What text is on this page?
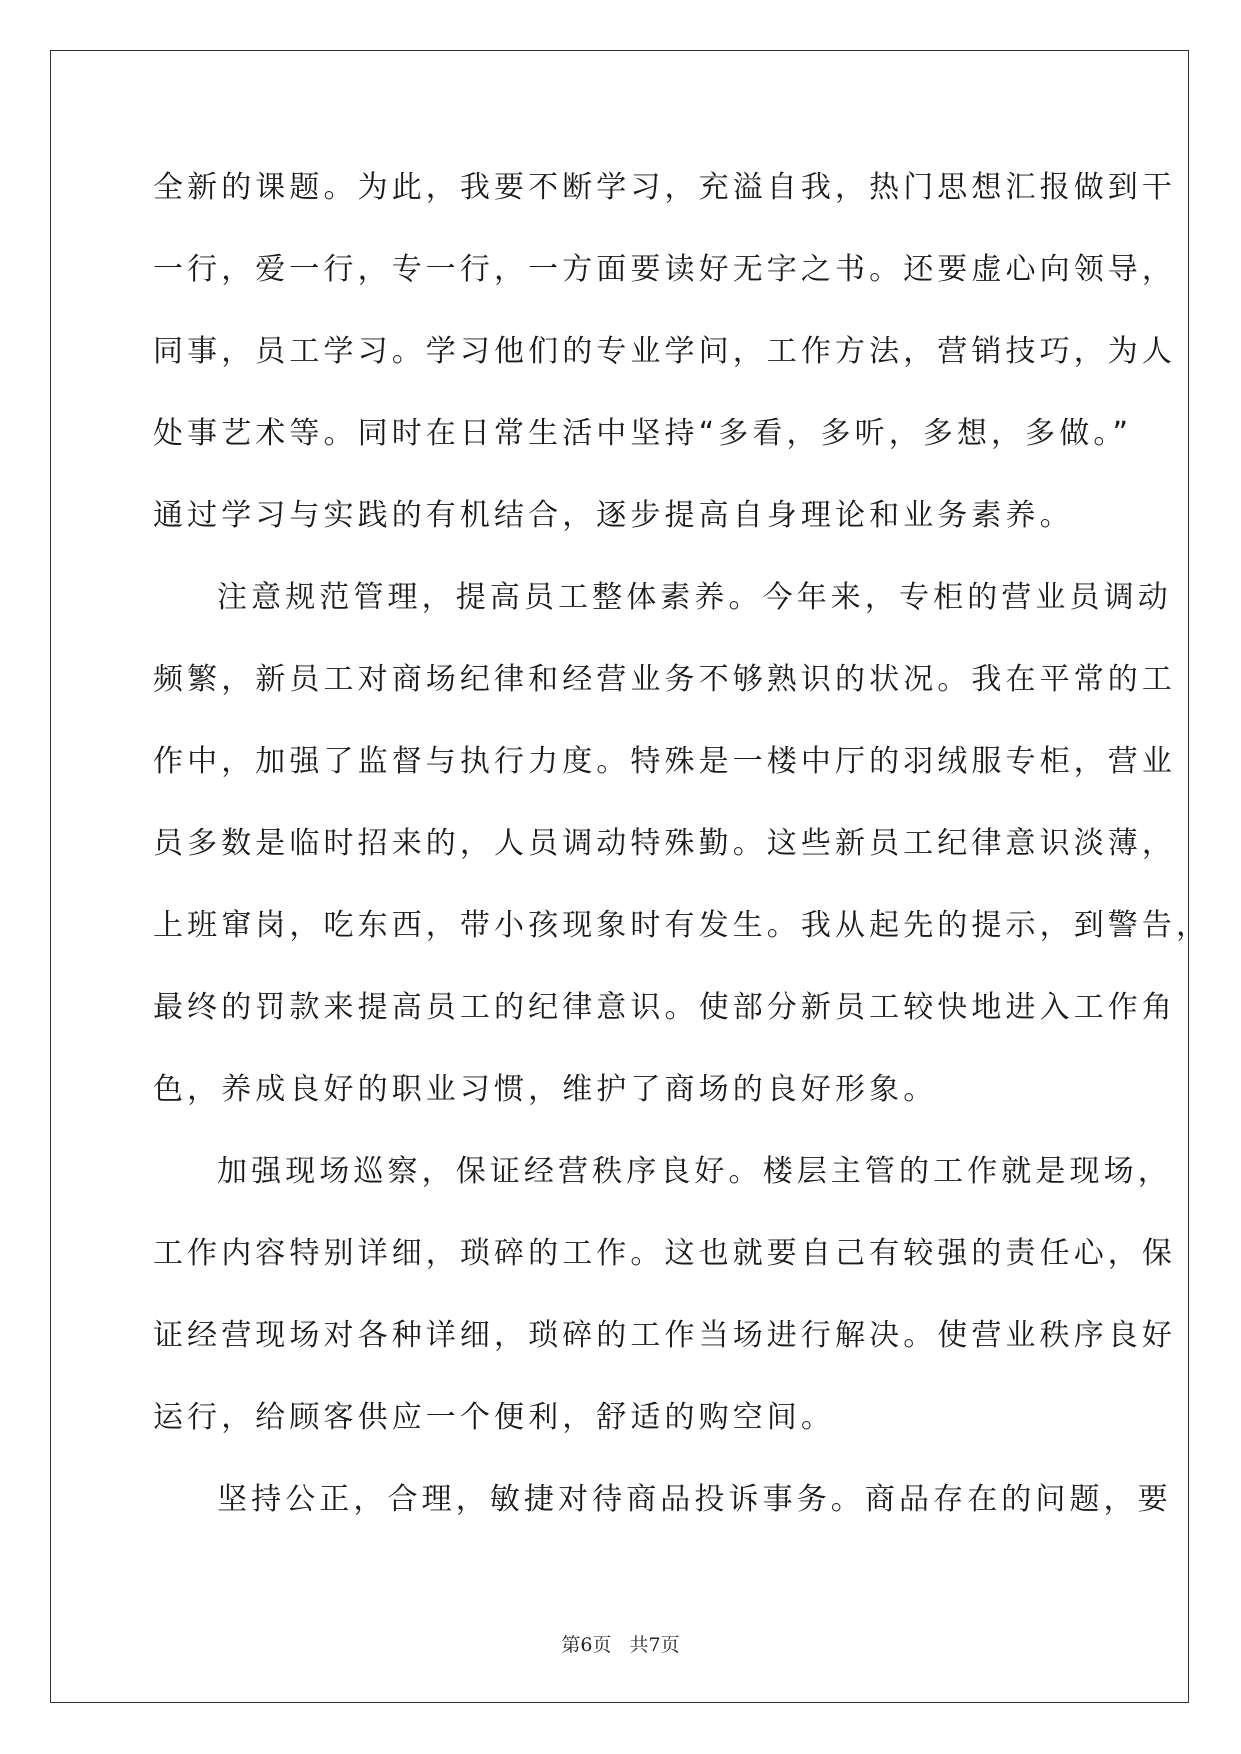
全新的课题。为此，我要不断学习，充溢自我，热门思想汇报做到干
一行，爱一行，专一行，一方面要读好无字之书。还要虚心向领导，
同事，员工学习。学习他们的专业学问，工作方法，营销技巧，为人
处事艺术等。同时在日常生活中坚持“多看，多听，多想，多做。”
通过学习与实践的有机结合，逐步提高自身理论和业务素养。
注意规范管理，提高员工整体素养。今年来，专柜的营业员调动
频繁，新员工对商场纪律和经营业务不够熟识的状况。我在平常的工
作中，加强了监督与执行力度。特殊是一楼中厅的羽绒服专柜，营业
员多数是临时招来的，人员调动特殊勤。这些新员工纪律意识淡薄，
上班窜岗，吃东西，带小孩现象时有发生。我从起先的提示，到警告，
最终的罚款来提高员工的纪律意识。使部分新员工较快地进入工作角
色，养成良好的职业习惯，维护了商场的良好形象。
加强现场巡察，保证经营秩序良好。楼层主管的工作就是现场，
工作内容特别详细，琐碎的工作。这也就要自己有较强的责任心，保
证经营现场对各种详细，琐碎的工作当场进行解决。使营业秩序良好
运行，给顾客供应一个便利，舒适的购空间。
坚持公正，合理，敏捷对待商品投诉事务。商品存在的问题，要
第6页 共7页
